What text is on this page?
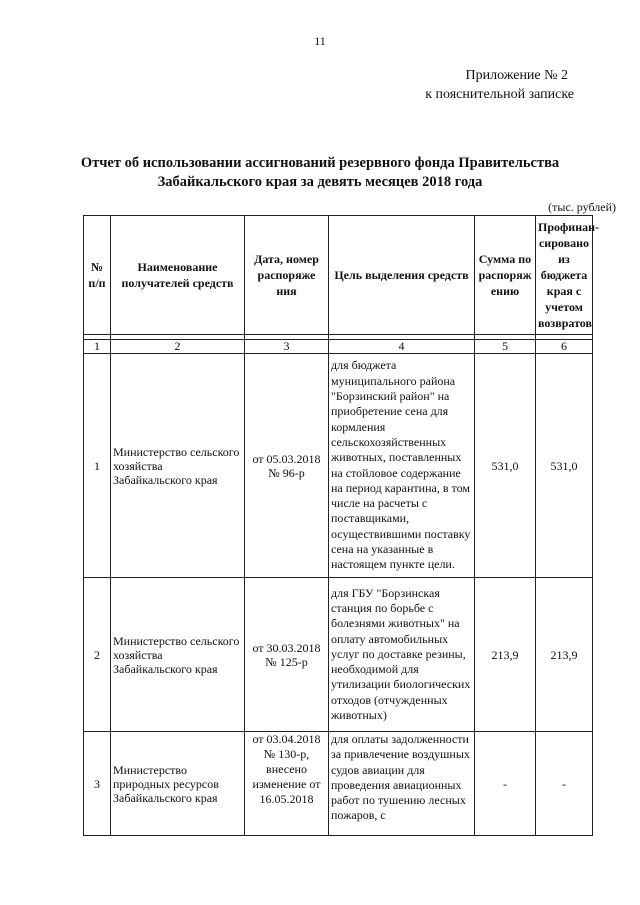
11
Приложение № 2
к пояснительной записке
Отчет об использовании ассигнований резервного фонда Правительства
Забайкальского края за девять месяцев 2018 года
(тыс. рублей)
№ п/п	Наименование получателей средств	Дата, номер распоряже ния	Цель выделения средств	Сумма по распоряж ению	Профинан- сировано из бюджета края с учетом возвратов

1	2	3	4	5	6
1	Министерство сельского хозяйства Забайкальского края	от 05.03.2018 № 96-р	для бюджета муниципального района "Борзинский район" на приобретение сена для кормления сельскохозяйственных животных, поставленных на стойловое содержание на период карантина, в том числе на расчеты с поставщиками, осуществившими поставку сена на указанные в настоящем пункте цели.	531,0	531,0
2	Министерство сельского хозяйства Забайкальского края	от 30.03.2018 № 125-р	для ГБУ "Борзинская станция по борьбе с болезнями животных" на оплату автомобильных услуг по доставке резины, необходимой для утилизации биологических отходов (отчужденных животных)	213,9	213,9
3	Министерство природных ресурсов Забайкальского края	от 03.04.2018 № 130-р, внесено изменение от 16.05.2018	для оплаты задолженности за привлечение воздушных судов авиации для проведения авиационных работ по тушению лесных пожаров, с	-	-
